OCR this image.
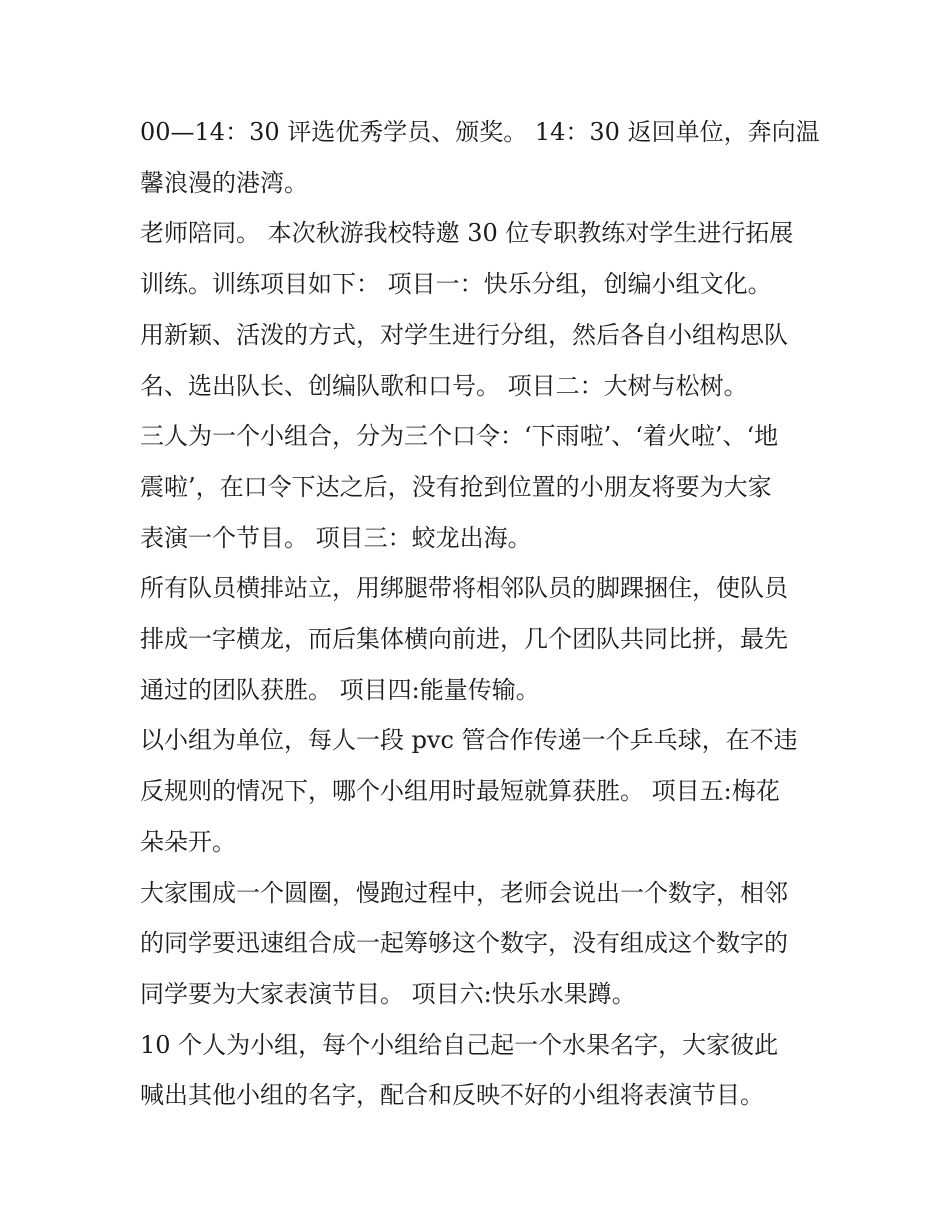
00—14：30 评选优秀学员、颁奖。 14：30 返回单位，奔向温
馨浪漫的港湾。

老师陪同。 本次秋游我校特邀 30 位专职教练对学生进行拓展
训练。训练项目如下： 项目一：快乐分组，创编小组文化。

用新颖、活泼的方式，对学生进行分组，然后各自小组构思队
名、选出队长、创编队歌和口号。 项目二：大树与松树。

三人为一个小组合，分为三个口令：‘下雨啦’、‘着火啦’、‘地
震啦’，在口令下达之后，没有抢到位置的小朋友将要为大家
表演一个节目。 项目三：蛟龙出海。

所有队员横排站立，用绑腿带将相邻队员的脚踝捆住，使队员
排成一字横龙，而后集体横向前进，几个团队共同比拼，最先
通过的团队获胜。 项目四:能量传输。

以小组为单位，每人一段 pvc 管合作传递一个乒乓球，在不违
反规则的情况下，哪个小组用时最短就算获胜。 项目五:梅花
朵朵开。

大家围成一个圆圈，慢跑过程中，老师会说出一个数字，相邻
的同学要迅速组合成一起筹够这个数字，没有组成这个数字的
同学要为大家表演节目。 项目六:快乐水果蹲。

10 个人为小组，每个小组给自己起一个水果名字，大家彼此
喊出其他小组的名字，配合和反映不好的小组将表演节目。
